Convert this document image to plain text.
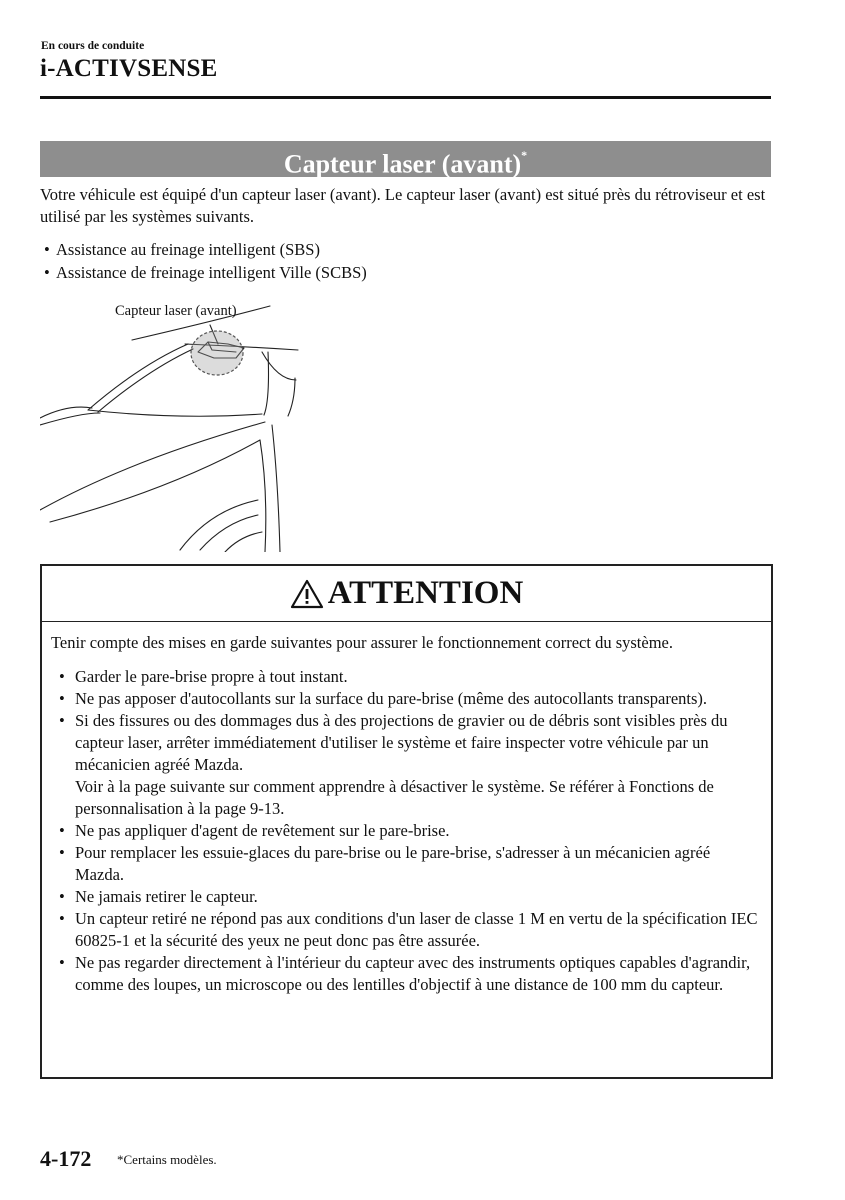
En cours de conduite
i-ACTIVSENSE
Capteur laser (avant)*
Votre véhicule est équipé d'un capteur laser (avant). Le capteur laser (avant) est situé près du rétroviseur et est utilisé par les systèmes suivants.
• Assistance au freinage intelligent (SBS)
• Assistance de freinage intelligent Ville (SCBS)
Capteur laser (avant)
ATTENTION
Tenir compte des mises en garde suivantes pour assurer le fonctionnement correct du système.
• Garder le pare-brise propre à tout instant.
• Ne pas apposer d'autocollants sur la surface du pare-brise (même des autocollants transparents).
• Si des fissures ou des dommages dus à des projections de gravier ou de débris sont visibles près du capteur laser, arrêter immédiatement d'utiliser le système et faire inspecter votre véhicule par un mécanicien agréé Mazda.
Voir à la page suivante sur comment apprendre à désactiver le système. Se référer à Fonctions de personnalisation à la page 9-13.
• Ne pas appliquer d'agent de revêtement sur le pare-brise.
• Pour remplacer les essuie-glaces du pare-brise ou le pare-brise, s'adresser à un mécanicien agréé Mazda.
• Ne jamais retirer le capteur.
• Un capteur retiré ne répond pas aux conditions d'un laser de classe 1 M en vertu de la spécification IEC 60825-1 et la sécurité des yeux ne peut donc pas être assurée.
• Ne pas regarder directement à l'intérieur du capteur avec des instruments optiques capables d'agrandir, comme des loupes, un microscope ou des lentilles d'objectif à une distance de 100 mm du capteur.
4-172 *Certains modèles.
